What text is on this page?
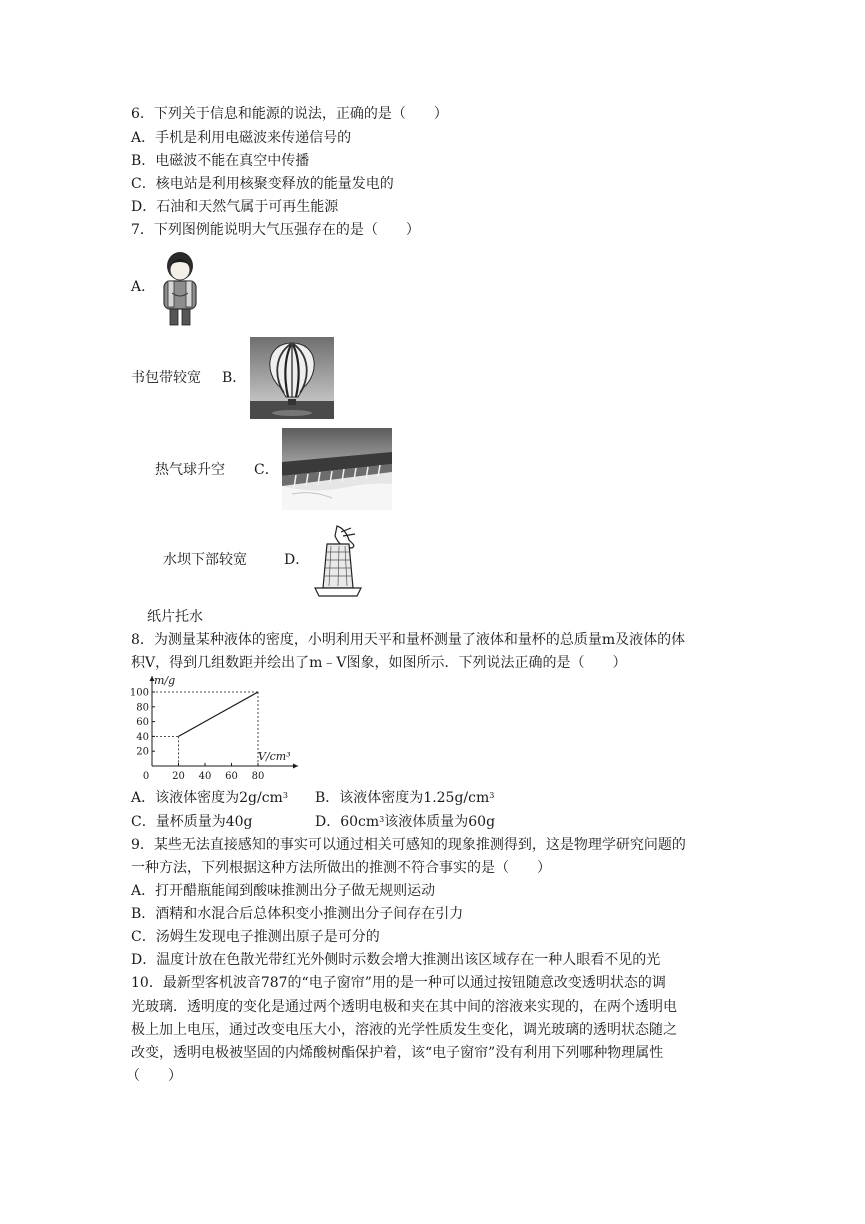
6．下列关于信息和能源的说法，正确的是（　　）
A．手机是利用电磁波来传递信号的
B．电磁波不能在真空中传播
C．核电站是利用核聚变释放的能量发电的
D．石油和天然气属于可再生能源
7．下列图例能说明大气压强存在的是（　　）
A．
书包带较宽 B．
热气球升空 C．
水坝下部较宽	D．
纸片托水
8．为测量某种液体的密度，小明利用天平和量杯测量了液体和量杯的总质量m及液体的体
积V，得到几组数距并绘出了m﹣V图象，如图所示．下列说法正确的是（　　）
0 20 40 60 80
20
40
60
80
100
m/g
V/cm³
A．该液体密度为$2g/cm^3$ B．该液体密度为$1.25g/cm^3$
C．量杯质量为40g	D．$60cm^3$该液体质量为60g
9．某些无法直接感知的事实可以通过相关可感知的现象推测得到，这是物理学研究问题的
一种方法，下列根据这种方法所做出的推测不符合事实的是（　　）
A．打开醋瓶能闻到酸味推测出分子做无规则运动
B．酒精和水混合后总体积变小推测出分子间存在引力
C．汤姆生发现电子推测出原子是可分的
D．温度计放在色散光带红光外侧时示数会增大推测出该区域存在一种人眼看不见的光
10．最新型客机波音787的“电子窗帘”用的是一种可以通过按钮随意改变透明状态的调
光玻璃．透明度的变化是通过两个透明电极和夹在其中间的溶液来实现的，在两个透明电
极上加上电压，通过改变电压大小，溶液的光学性质发生变化，调光玻璃的透明状态随之
改变，透明电极被坚固的内烯酸树酯保护着，该“电子窗帘”没有利用下列哪种物理属性
（　　）
